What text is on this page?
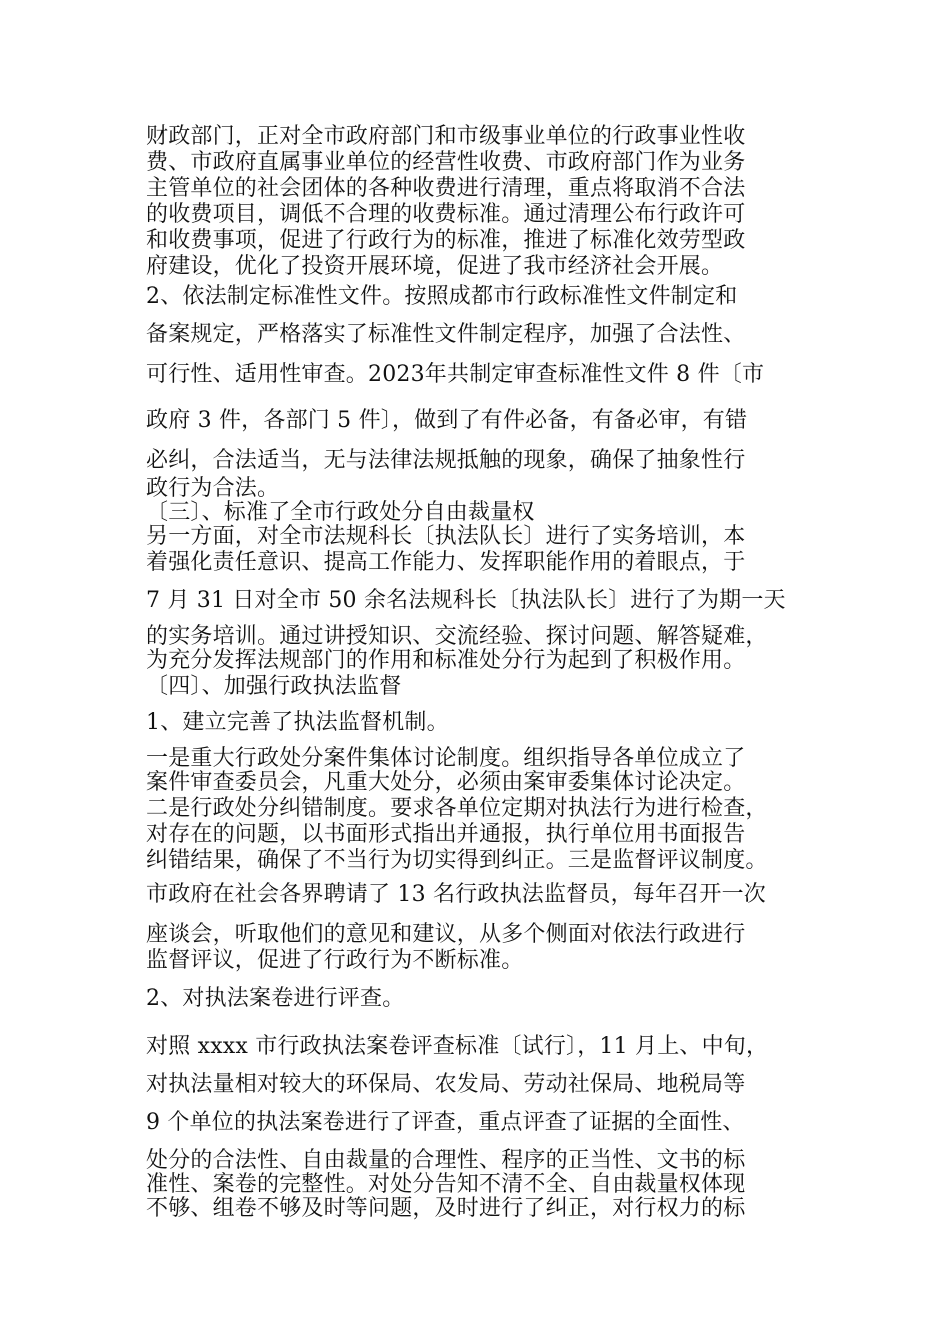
财政部门，正对全市政府部门和市级事业单位的行政事业性收
费、市政府直属事业单位的经营性收费、市政府部门作为业务
主管单位的社会团体的各种收费进行清理，重点将取消不合法
的收费项目，调低不合理的收费标准。通过清理公布行政许可
和收费事项，促进了行政行为的标准，推进了标准化效劳型政
府建设，优化了投资开展环境，促进了我市经济社会开展。
2、依法制定标准性文件。按照成都市行政标准性文件制定和
备案规定，严格落实了标准性文件制定程序，加强了合法性、
可行性、适用性审查。2023年共制定审查标准性文件 8 件〔市
政府 3 件，各部门 5 件〕，做到了有件必备，有备必审，有错
必纠，合法适当，无与法律法规抵触的现象，确保了抽象性行
政行为合法。
〔三〕、标准了全市行政处分自由裁量权
另一方面，对全市法规科长〔执法队长〕进行了实务培训，本
着强化责任意识、提高工作能力、发挥职能作用的着眼点，于
7 月 31 日对全市 50 余名法规科长〔执法队长〕进行了为期一天
的实务培训。通过讲授知识、交流经验、探讨问题、解答疑难，
为充分发挥法规部门的作用和标准处分行为起到了积极作用。
〔四〕、加强行政执法监督
1、建立完善了执法监督机制。
一是重大行政处分案件集体讨论制度。组织指导各单位成立了
案件审查委员会，凡重大处分，必须由案审委集体讨论决定。
二是行政处分纠错制度。要求各单位定期对执法行为进行检查，
对存在的问题，以书面形式指出并通报，执行单位用书面报告
纠错结果，确保了不当行为切实得到纠正。三是监督评议制度。
市政府在社会各界聘请了 13 名行政执法监督员，每年召开一次
座谈会，听取他们的意见和建议，从多个侧面对依法行政进行
监督评议，促进了行政行为不断标准。
2、对执法案卷进行评查。
对照 xxxx 市行政执法案卷评查标准〔试行〕，11 月上、中旬，
对执法量相对较大的环保局、农发局、劳动社保局、地税局等
9 个单位的执法案卷进行了评查，重点评查了证据的全面性、
处分的合法性、自由裁量的合理性、程序的正当性、文书的标
准性、案卷的完整性。对处分告知不清不全、自由裁量权体现
不够、组卷不够及时等问题，及时进行了纠正，对行权力的标
